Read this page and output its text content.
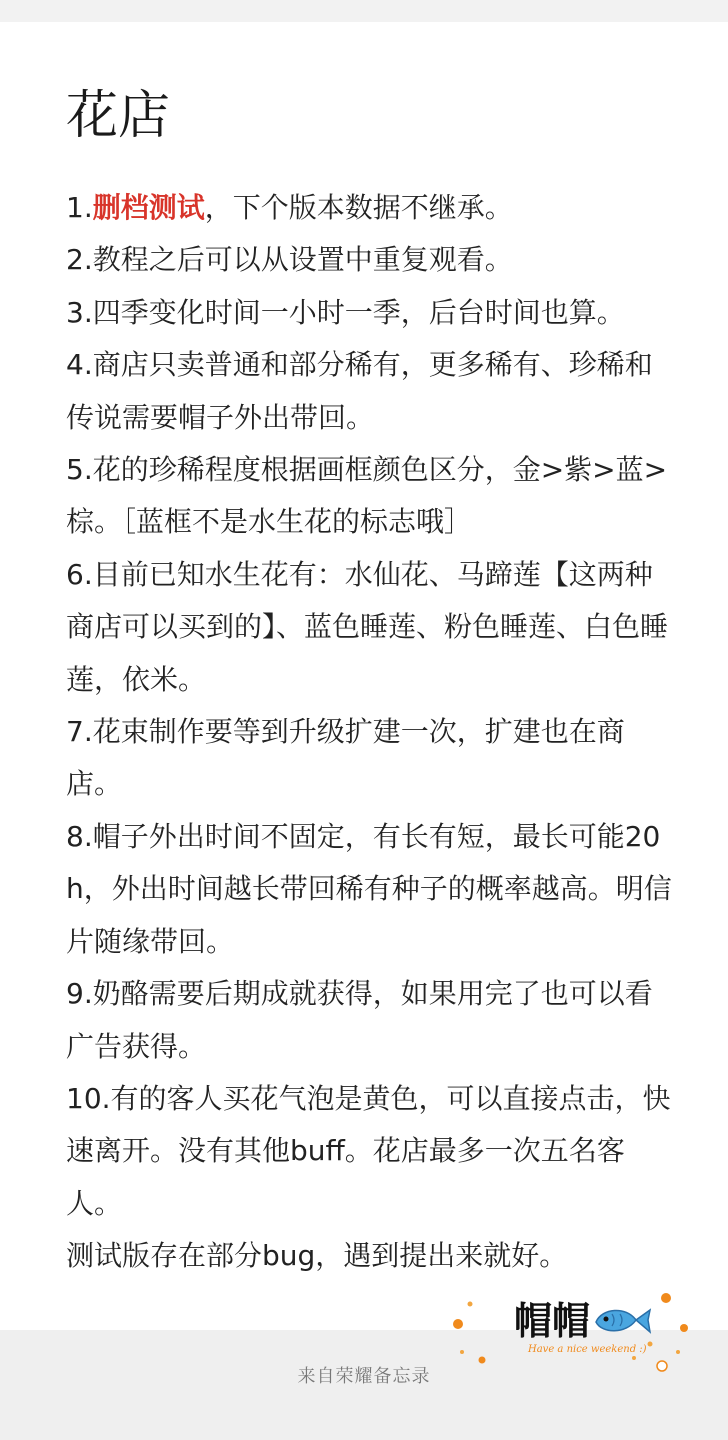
花店
1.删档测试，下个版本数据不继承。
2.教程之后可以从设置中重复观看。
3.四季变化时间一小时一季，后台时间也算。
4.商店只卖普通和部分稀有，更多稀有、珍稀和传说需要帽子外出带回。
5.花的珍稀程度根据画框颜色区分，金>紫>蓝>棕。［蓝框不是水生花的标志哦］
6.目前已知水生花有：水仙花、马蹄莲【这两种商店可以买到的】、蓝色睡莲、粉色睡莲、白色睡莲，依米。
7.花束制作要等到升级扩建一次，扩建也在商店。
8.帽子外出时间不固定，有长有短，最长可能20h，外出时间越长带回稀有种子的概率越高。明信片随缘带回。
9.奶酪需要后期成就获得，如果用完了也可以看广告获得。
10.有的客人买花气泡是黄色，可以直接点击，快速离开。没有其他buff。花店最多一次五名客人。
测试版存在部分bug，遇到提出来就好。
帽帽
Have a nice weekend :)
来自荣耀备忘录
